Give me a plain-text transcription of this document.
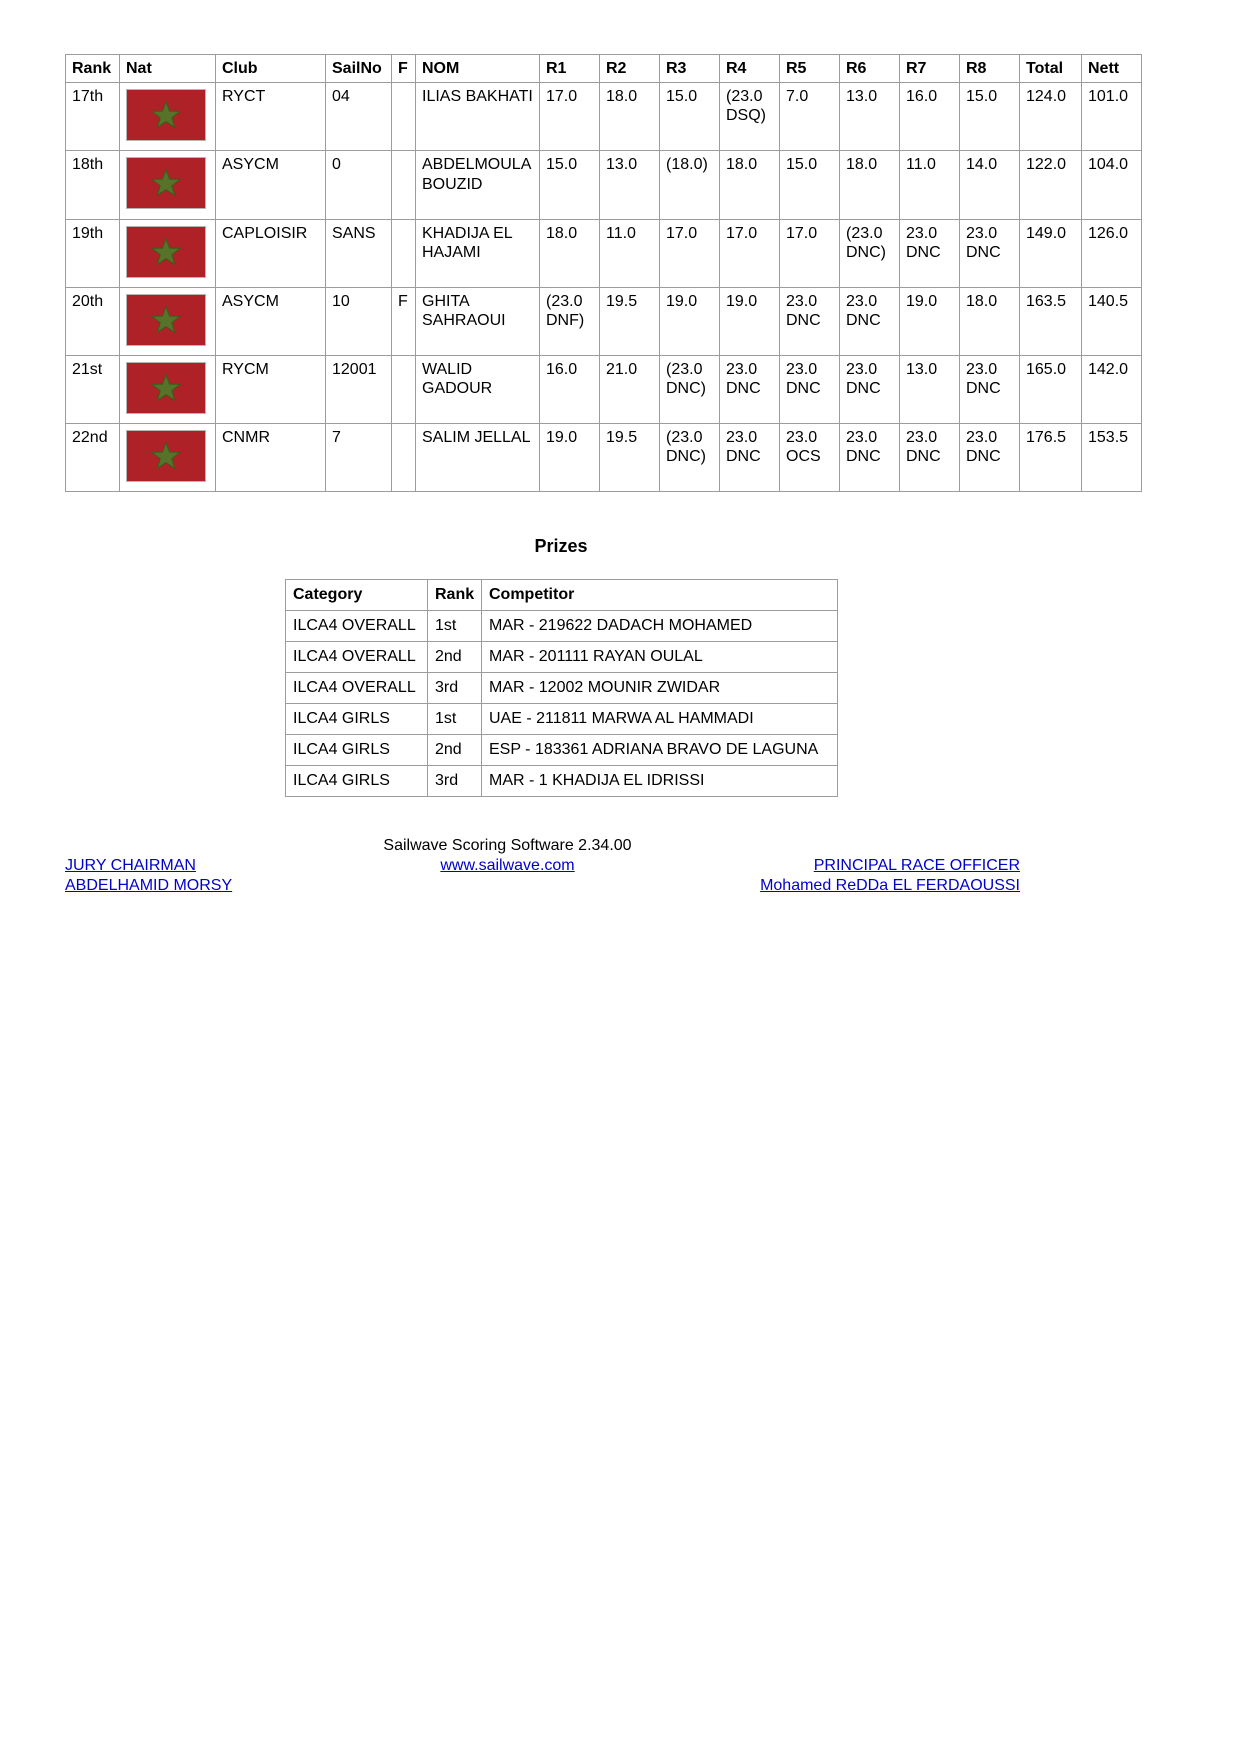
Rank	Nat	Club	SailNo	F	NOM	R1	R2	R3	R4	R5	R6	R7	R8	Total	Nett
17th		RYCT	04		ILIAS BAKHATI	17.0	18.0	15.0	(23.0 DSQ)	7.0	13.0	16.0	15.0	124.0	101.0
18th		ASYCM	0		ABDELMOULA BOUZID	15.0	13.0	(18.0)	18.0	15.0	18.0	11.0	14.0	122.0	104.0
19th		CAPLOISIR	SANS		KHADIJA EL HAJAMI	18.0	11.0	17.0	17.0	17.0	(23.0 DNC)	23.0 DNC	23.0 DNC	149.0	126.0
20th		ASYCM	10	F	GHITA SAHRAOUI	(23.0 DNF)	19.5	19.0	19.0	23.0 DNC	23.0 DNC	19.0	18.0	163.5	140.5
21st		RYCM	12001		WALID GADOUR	16.0	21.0	(23.0 DNC)	23.0 DNC	23.0 DNC	23.0 DNC	13.0	23.0 DNC	165.0	142.0
22nd		CNMR	7		SALIM JELLAL	19.0	19.5	(23.0 DNC)	23.0 DNC	23.0 OCS	23.0 DNC	23.0 DNC	23.0 DNC	176.5	153.5
Prizes
Category	Rank	Competitor
ILCA4 OVERALL	1st	MAR - 219622 DADACH MOHAMED
ILCA4 OVERALL	2nd	MAR - 201111 RAYAN OULAL
ILCA4 OVERALL	3rd	MAR - 12002 MOUNIR ZWIDAR
ILCA4 GIRLS	1st	UAE - 211811 MARWA AL HAMMADI
ILCA4 GIRLS	2nd	ESP - 183361 ADRIANA BRAVO DE LAGUNA
ILCA4 GIRLS	3rd	MAR - 1 KHADIJA EL IDRISSI
Sailwave Scoring Software 2.34.00
JURY CHAIRMAN	www.sailwave.com	PRINCIPAL RACE OFFICER
ABDELHAMID MORSY	Mohamed ReDDa EL FERDAOUSSI
